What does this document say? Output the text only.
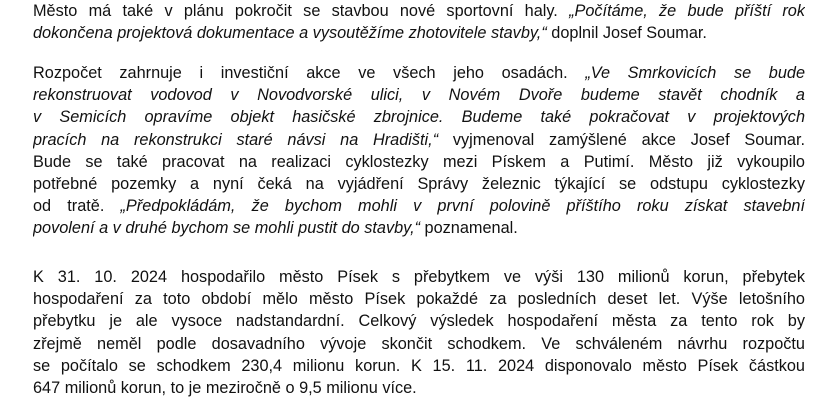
Město má také v plánu pokročit se stavbou nové sportovní haly. „Počítáme, že bude příští rok
dokončena projektová dokumentace a vysoutěžíme zhotovitele stavby,“ doplnil Josef Soumar.

Rozpočet zahrnuje i investiční akce ve všech jeho osadách. „Ve Smrkovicích se bude
rekonstruovat vodovod v Novodvorské ulici, v Novém Dvoře budeme stavět chodník a
v Semicích opravíme objekt hasičské zbrojnice. Budeme také pokračovat v projektových
pracích na rekonstrukci staré návsi na Hradišti,“ vyjmenoval zamýšlené akce Josef Soumar.
Bude se také pracovat na realizaci cyklostezky mezi Pískem a Putimí. Město již vykoupilo
potřebné pozemky a nyní čeká na vyjádření Správy železnic týkající se odstupu cyklostezky
od tratě. „Předpokládám, že bychom mohli v první polovině příštího roku získat stavební
povolení a v druhé bychom se mohli pustit do stavby,“ poznamenal.

K 31. 10. 2024 hospodařilo město Písek s přebytkem ve výši 130 milionů korun, přebytek
hospodaření za toto období mělo město Písek pokaždé za posledních deset let. Výše letošního
přebytku je ale vysoce nadstandardní. Celkový výsledek hospodaření města za tento rok by
zřejmě neměl podle dosavadního vývoje skončit schodkem. Ve schváleném návrhu rozpočtu
se počítalo se schodkem 230,4 milionu korun. K 15. 11. 2024 disponovalo město Písek částkou
647 milionů korun, to je meziročně o 9,5 milionu více.
